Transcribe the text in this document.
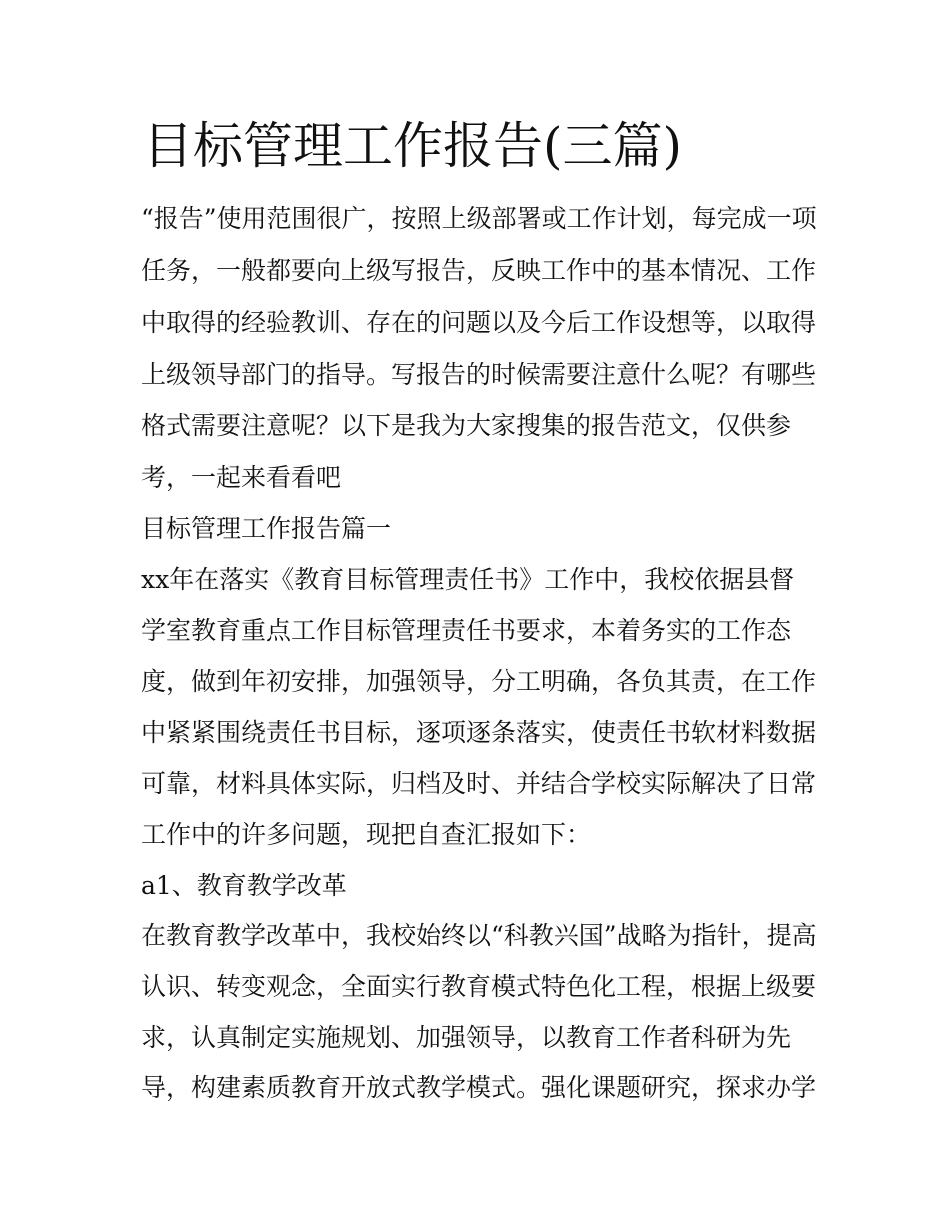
目标管理工作报告(三篇)

“报告”使用范围很广，按照上级部署或工作计划，每完成一项

任务，一般都要向上级写报告，反映工作中的基本情况、工作

中取得的经验教训、存在的问题以及今后工作设想等，以取得

上级领导部门的指导。写报告的时候需要注意什么呢？有哪些

格式需要注意呢？以下是我为大家搜集的报告范文，仅供参

考，一起来看看吧

目标管理工作报告篇一

xx年在落实《教育目标管理责任书》工作中，我校依据县督

学室教育重点工作目标管理责任书要求，本着务实的工作态

度，做到年初安排，加强领导，分工明确，各负其责，在工作

中紧紧围绕责任书目标，逐项逐条落实，使责任书软材料数据

可靠，材料具体实际，归档及时、并结合学校实际解决了日常

工作中的许多问题，现把自查汇报如下：

a1、教育教学改革

在教育教学改革中，我校始终以“科教兴国”战略为指针，提高

认识、转变观念，全面实行教育模式特色化工程，根据上级要

求，认真制定实施规划、加强领导，以教育工作者科研为先

导，构建素质教育开放式教学模式。强化课题研究，探求办学
